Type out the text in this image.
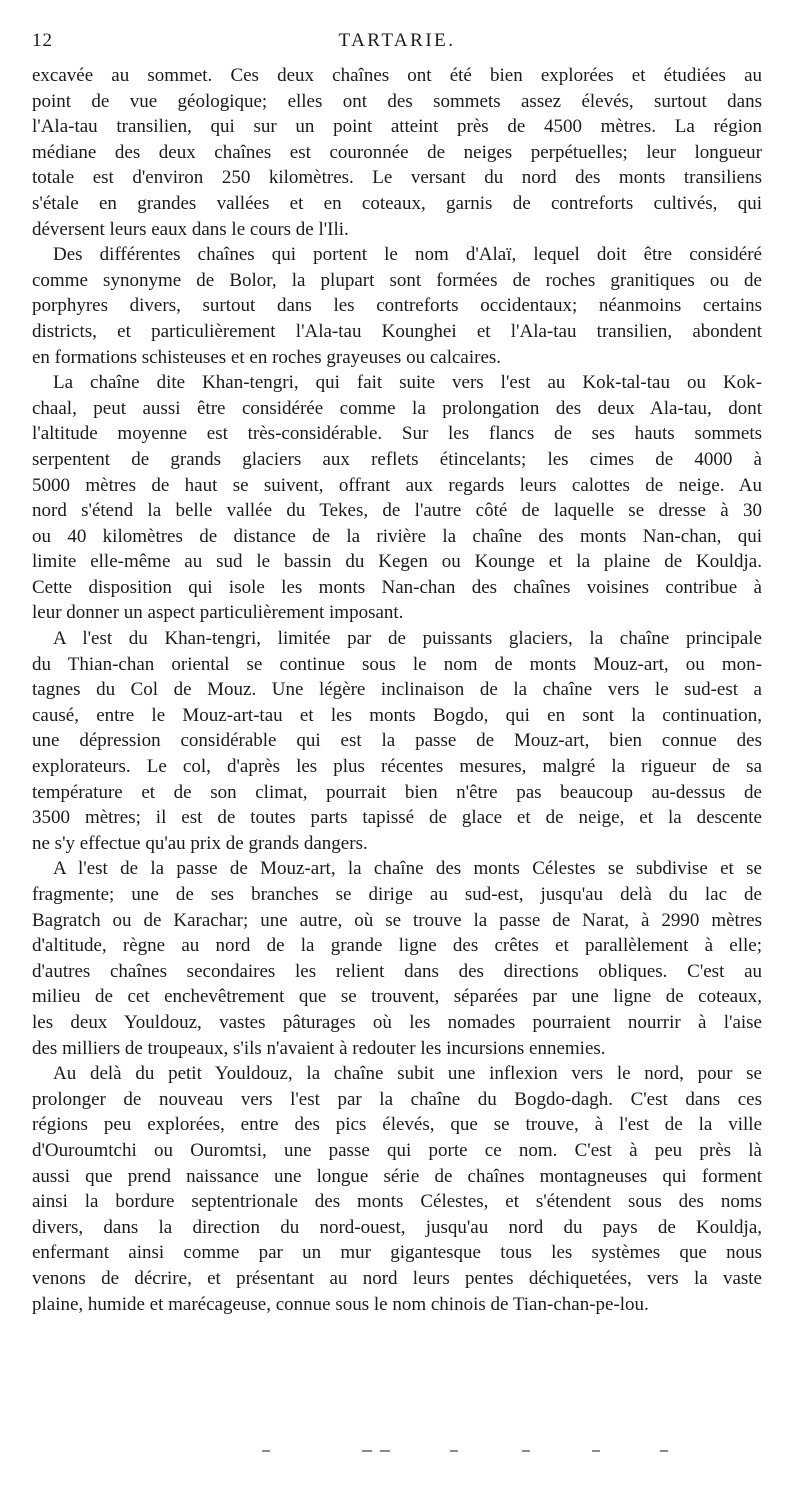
12	TARTARIE.
excavée au sommet. Ces deux chaînes ont été bien explorées et étudiées au
point de vue géologique; elles ont des sommets assez élevés, surtout dans
l'Ala-tau transilien, qui sur un point atteint près de 4500 mètres. La région
médiane des deux chaînes est couronnée de neiges perpétuelles; leur longueur
totale est d'environ 250 kilomètres. Le versant du nord des monts transiliens
s'étale en grandes vallées et en coteaux, garnis de contreforts cultivés, qui
déversent leurs eaux dans le cours de l'Ili.
Des différentes chaînes qui portent le nom d'Alaï, lequel doit être considéré
comme synonyme de Bolor, la plupart sont formées de roches granitiques ou de
porphyres divers, surtout dans les contreforts occidentaux; néanmoins certains
districts, et particulièrement l'Ala-tau Kounghei et l'Ala-tau transilien, abondent
en formations schisteuses et en roches grayeuses ou calcaires.
La chaîne dite Khan-tengri, qui fait suite vers l'est au Kok-tal-tau ou Kok-
chaal, peut aussi être considérée comme la prolongation des deux Ala-tau, dont
l'altitude moyenne est très-considérable. Sur les flancs de ses hauts sommets
serpentent de grands glaciers aux reflets étincelants; les cimes de 4000 à
5000 mètres de haut se suivent, offrant aux regards leurs calottes de neige. Au
nord s'étend la belle vallée du Tekes, de l'autre côté de laquelle se dresse à 30
ou 40 kilomètres de distance de la rivière la chaîne des monts Nan-chan, qui
limite elle-même au sud le bassin du Kegen ou Kounge et la plaine de Kouldja.
Cette disposition qui isole les monts Nan-chan des chaînes voisines contribue à
leur donner un aspect particulièrement imposant.
A l'est du Khan-tengri, limitée par de puissants glaciers, la chaîne principale
du Thian-chan oriental se continue sous le nom de monts Mouz-art, ou mon-
tagnes du Col de Mouz. Une légère inclinaison de la chaîne vers le sud-est a
causé, entre le Mouz-art-tau et les monts Bogdo, qui en sont la continuation,
une dépression considérable qui est la passe de Mouz-art, bien connue des
explorateurs. Le col, d'après les plus récentes mesures, malgré la rigueur de sa
température et de son climat, pourrait bien n'être pas beaucoup au-dessus de
3500 mètres; il est de toutes parts tapissé de glace et de neige, et la descente
ne s'y effectue qu'au prix de grands dangers.
A l'est de la passe de Mouz-art, la chaîne des monts Célestes se subdivise et se
fragmente; une de ses branches se dirige au sud-est, jusqu'au delà du lac de
Bagratch ou de Karachar; une autre, où se trouve la passe de Narat, à 2990 mètres
d'altitude, règne au nord de la grande ligne des crêtes et parallèlement à elle;
d'autres chaînes secondaires les relient dans des directions obliques. C'est au
milieu de cet enchevêtrement que se trouvent, séparées par une ligne de coteaux,
les deux Youldouz, vastes pâturages où les nomades pourraient nourrir à l'aise
des milliers de troupeaux, s'ils n'avaient à redouter les incursions ennemies.
Au delà du petit Youldouz, la chaîne subit une inflexion vers le nord, pour se
prolonger de nouveau vers l'est par la chaîne du Bogdo-dagh. C'est dans ces
régions peu explorées, entre des pics élevés, que se trouve, à l'est de la ville
d'Ouroumtchi ou Ouromtsi, une passe qui porte ce nom. C'est à peu près là
aussi que prend naissance une longue série de chaînes montagneuses qui forment
ainsi la bordure septentrionale des monts Célestes, et s'étendent sous des noms
divers, dans la direction du nord-ouest, jusqu'au nord du pays de Kouldja,
enfermant ainsi comme par un mur gigantesque tous les systèmes que nous
venons de décrire, et présentant au nord leurs pentes déchiquetées, vers la vaste
plaine, humide et marécageuse, connue sous le nom chinois de Tian-chan-pe-lou.
